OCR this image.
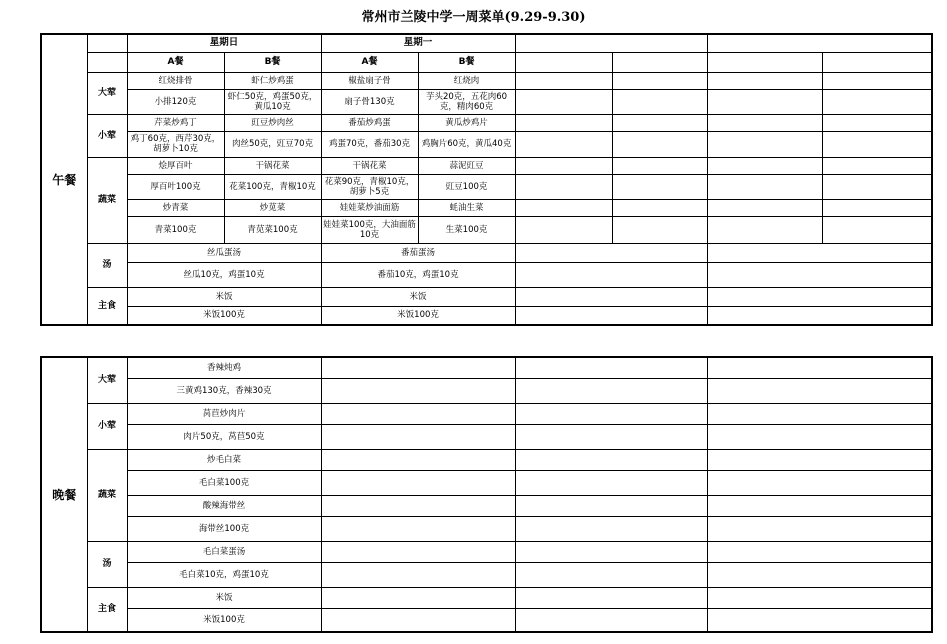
常州市兰陵中学一周菜单(9.29-9.30)
午餐		星期日		星期一					
		A餐	B餐	A餐	B餐				
	大荤	红烧排骨	虾仁炒鸡蛋	椒盐扇子骨	红烧肉				
		小排120克	虾仁50克，鸡蛋50克，黄瓜10克	扇子骨130克	芋头20克，五花肉60克，精肉60克				
	小荤	芹菜炒鸡丁	豇豆炒肉丝	番茄炒鸡蛋	黄瓜炒鸡片				
		鸡丁60克，西芹30克，胡萝卜10克	肉丝50克，豇豆70克	鸡蛋70克，番茄30克	鸡胸片60克，黄瓜40克				
	蔬菜	烩厚百叶	干锅花菜	干锅花菜	蒜泥豇豆				
		厚百叶100克	花菜100克，青椒10克	花菜90克，青椒10克，胡萝卜5克	豇豆100克				
		炒青菜	炒苋菜	娃娃菜炒油面筋	蚝油生菜				
		青菜100克	青苋菜100克	娃娃菜100克，大油面筋10克	生菜100克				
	汤	丝瓜蛋汤		番茄蛋汤					
		丝瓜10克，鸡蛋10克		番茄10克，鸡蛋10克					
	主食	米饭		米饭					
		米饭100克		米饭100克					
晚餐	大荤	香辣炖鸡			
		三黄鸡130克，香辣30克			
	小荤	莴苣炒肉片			
		肉片50克，莴苣50克			
	蔬菜	炒毛白菜			
		毛白菜100克			
		酸辣海带丝			
		海带丝100克			
	汤	毛白菜蛋汤			
		毛白菜10克，鸡蛋10克			
	主食	米饭			
		米饭100克			
